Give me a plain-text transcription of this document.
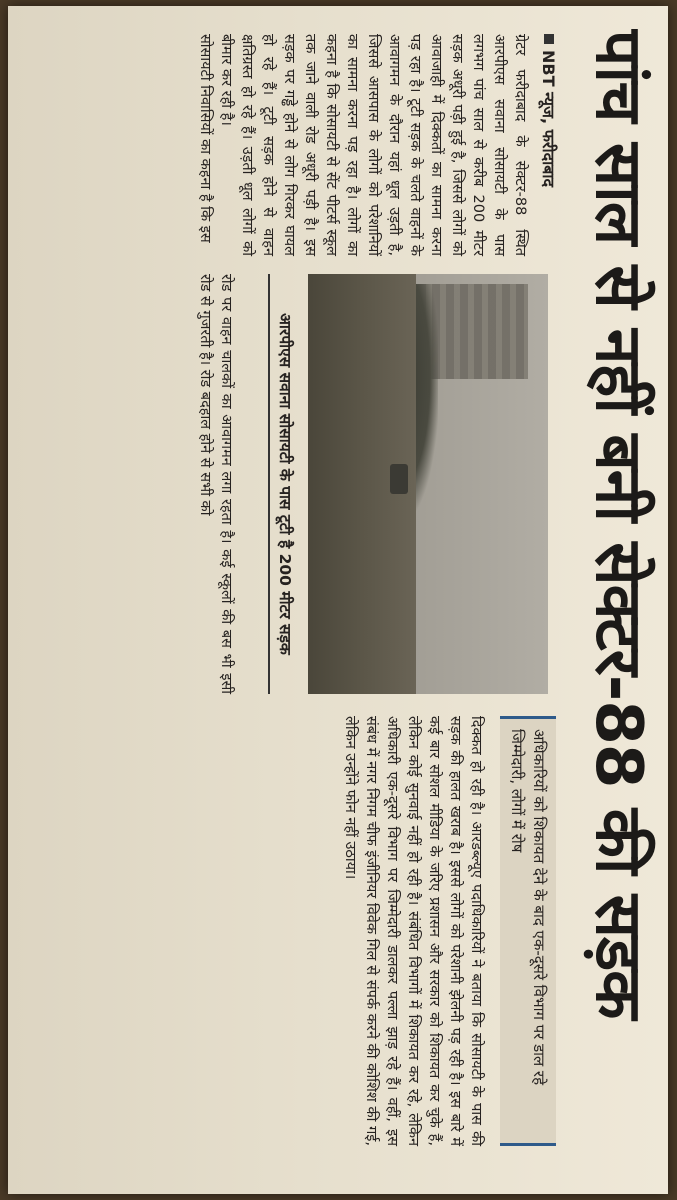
पांच साल से नहीं बनी सेक्टर-88 की सड़क
NBT न्यूज, फरीदाबाद

ग्रेटर फरीदाबाद के सेक्टर-88 स्थित आरपीएस सवाना सोसायटी के पास लगभग पांच साल से करीब 200 मीटर सड़क अधूरी पड़ी हुई है, जिससे लोगों को आवाजाही में दिक्कतों का सामना करना पड़ रहा है। टूटी सड़क के चलते वाहनों के आवागमन के दौरान यहां धूल उड़ती है, जिससे आसपास के लोगों को परेशानियों का सामना करना पड़ रहा है। लोगों का कहना है कि सोसायटी से सेंट पीटर्स स्कूल तक जाने वाली रोड अधूरी पड़ी है। इस सड़क पर गड्ढे होने से लोग गिरकर घायल हो रहे हैं। टूटी सड़क होने से वाहन क्षतिग्रस्त हो रहे हैं। उड़ती धूल लोगों को बीमार कर रही है।

सोसायटी निवासियों का कहना है कि इस

आरपीएस सवाना सोसायटी के पास टूटी है 200 मीटर सड़क

रोड पर वाहन चालकों का आवागमन लगा रहता है। कई स्कूलों की बस भी इसी रोड से गुजरती है। रोड बदहाल होने से सभी को

अधिकारियों को शिकायत देने के बाद एक-दूसरे विभाग पर डाल रहे जिम्मेदारी, लोगों में रोष

दिक्कत हो रही है। आरडब्ल्यूए पदाधिकारियों ने बताया कि सोसायटी के पास की सड़क की हालत खराब है। इससे लोगों को परेशानी झेलनी पड़ रही है। इस बारे में कई बार सोशल मीडिया के जरिए प्रशासन और सरकार को शिकायत कर चुके हैं, लेकिन कोई सुनवाई नहीं हो रही है। संबंधित विभागों में शिकायत कर रहे, लेकिन अधिकारी एक-दूसरे विभाग पर जिम्मेदारी डालकर पल्ला झाड़ रहे हैं। वहीं, इस संबंध में नगर निगम चीफ इंजीनियर विवेक गिल से संपर्क करने की कोशिश की गई, लेकिन उन्होंने फोन नहीं उठाया।
